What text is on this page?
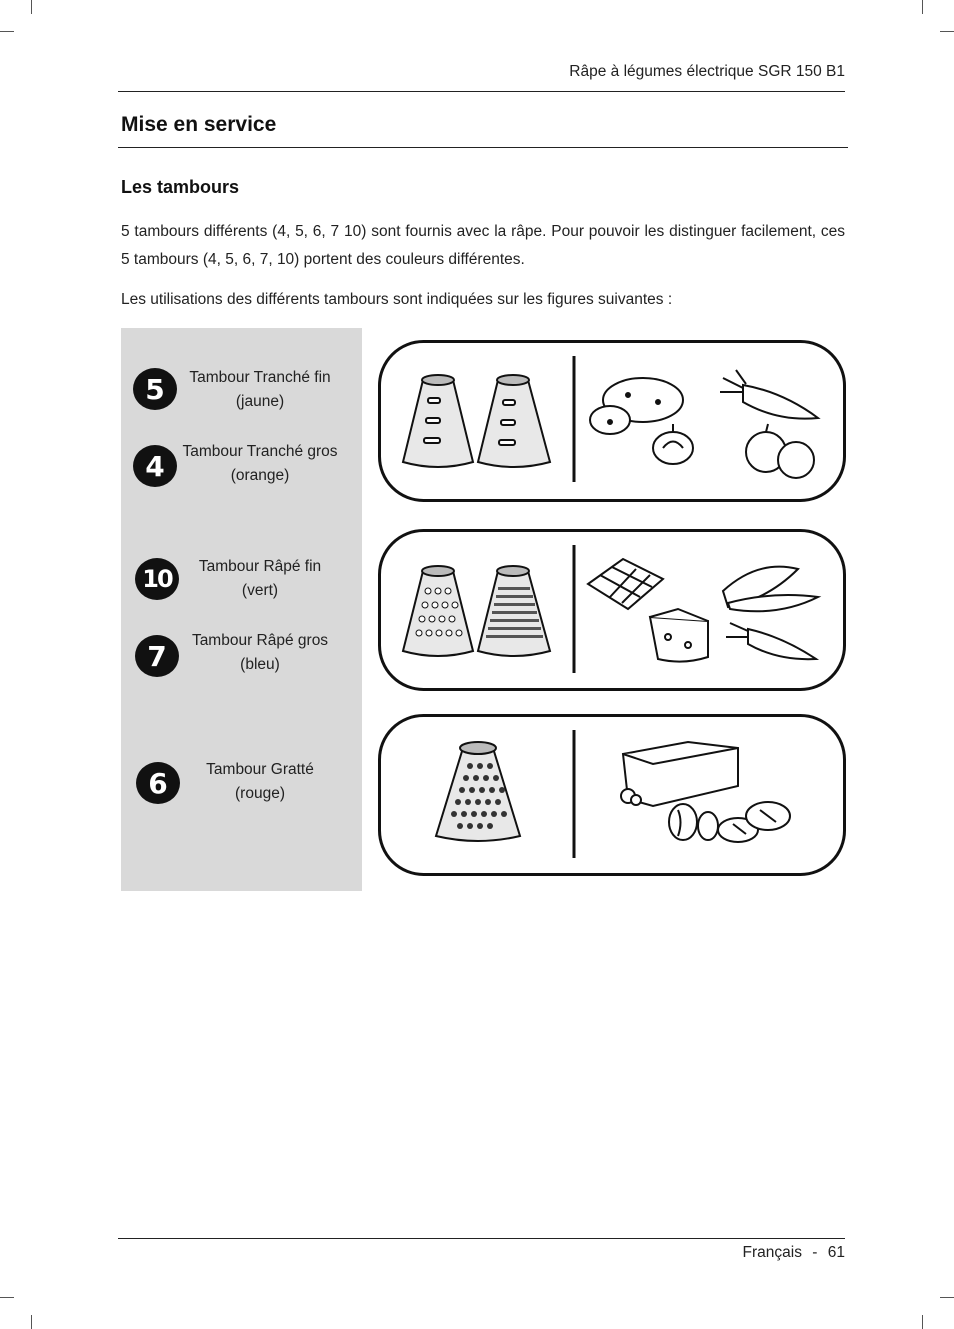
Râpe à légumes électrique SGR 150 B1
Mise en service
Les tambours

5 tambours différents (4, 5, 6, 7 10) sont fournis avec la râpe. Pour pouvoir les distinguer facilement, ces 5 tambours (4, 5, 6, 7, 10) portent des couleurs différentes.

Les utilisations des différents tambours sont indiquées sur les figures suivantes :

5	Tambour Tranché fin
(jaune)
4	Tambour Tranché gros
(orange)
10	Tambour Râpé fin
(vert)
7	Tambour Râpé gros
(bleu)
6	Tambour Gratté
(rouge)
Français - 61
